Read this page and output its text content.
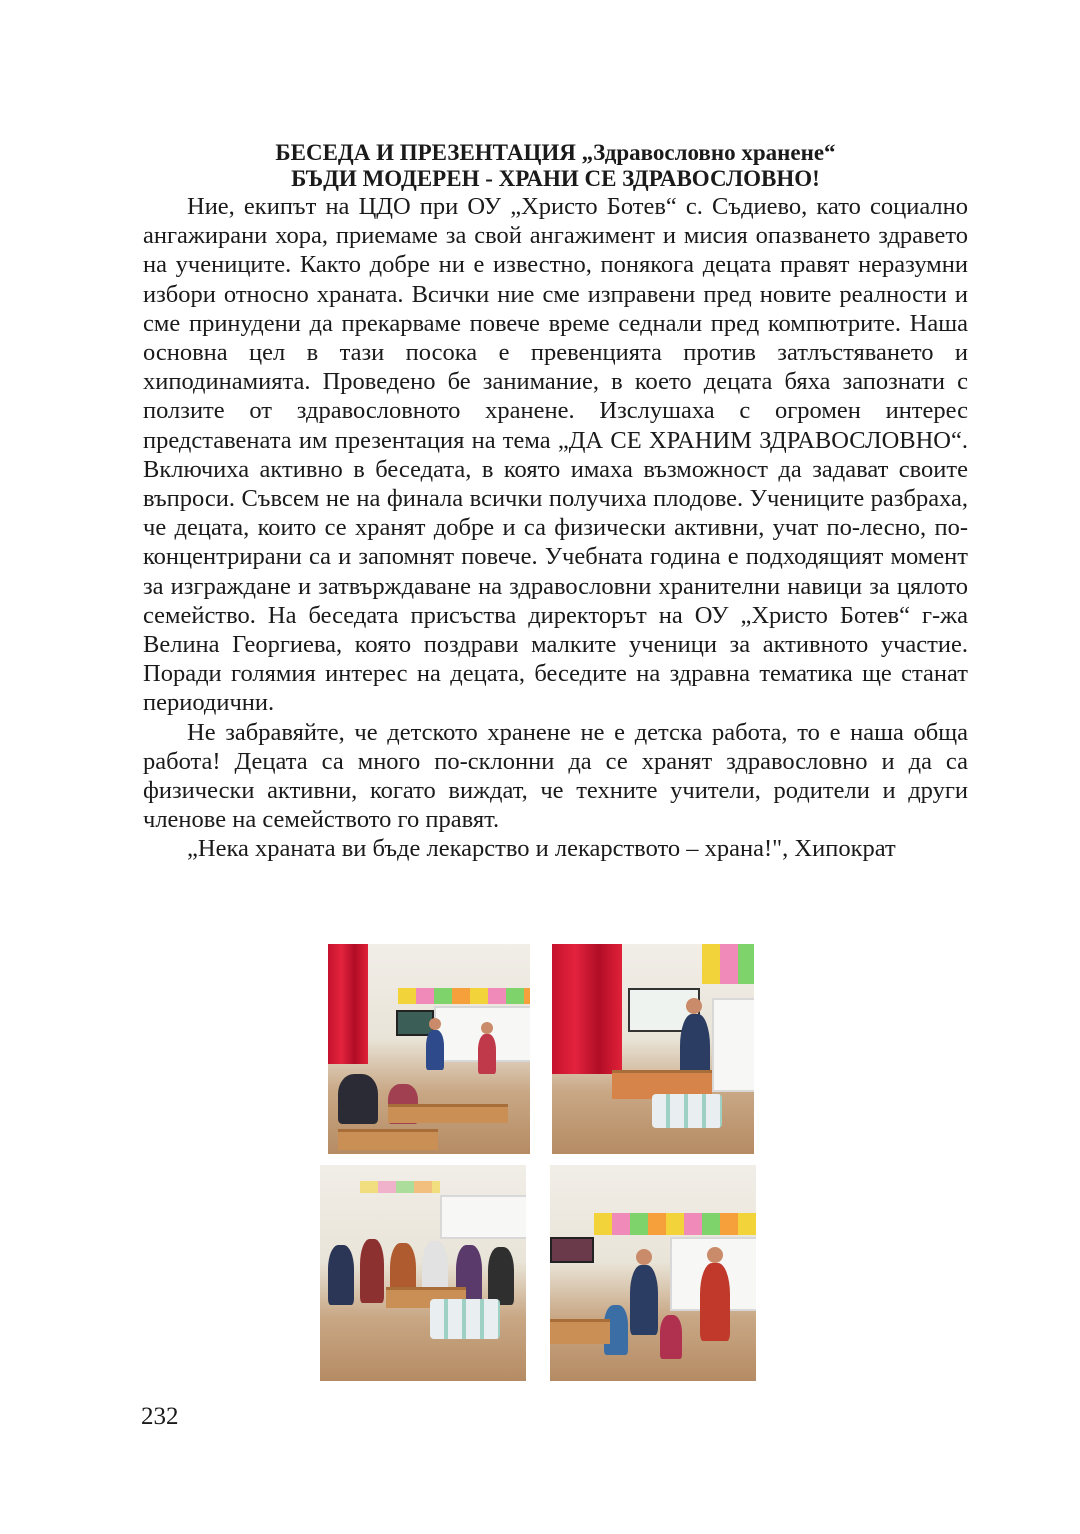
БЕСЕДА И ПРЕЗЕНТАЦИЯ „Здравословно хранене“
БЪДИ МОДЕРЕН - ХРАНИ СЕ ЗДРАВОСЛОВНО!

Ние, екипът на ЦДО при ОУ „Христо Ботев“ с. Съдиево, като социално ангажирани хора, приемаме за свой ангажимент и мисия опазването здравето на учениците. Както добре ни е известно, понякога децата правят неразумни избори относно храната. Всички ние сме изправени пред новите реалности и сме принудени да прекарваме повече време седнали пред компютрите. Наша основна цел в тази посока е превенцията против затлъстяването и хиподинамията. Проведено бе занимание, в което децата бяха запознати с ползите от здравословното хранене. Изслушаха с огромен интерес представената им презентация на тема „ДА СЕ ХРАНИМ ЗДРАВОСЛОВНО“. Включиха активно в беседата, в която имаха възможност да задават своите въпроси. Съвсем не на финала всички получиха плодове. Учениците разбраха, че децата, които се хранят добре и са физически активни, учат по-лесно, по-концентрирани са и запомнят повече. Учебната година е подходящият момент за изграждане и затвърждаване на здравословни хранителни навици за цялото семейство. На беседата присъства директорът на ОУ „Христо Ботев“ г-жа Велина Георгиева, която поздрави малките ученици за активното участие. Поради голямия интерес на децата, беседите на здравна тематика ще станат периодични.

Не забравяйте, че детското хранене не е детска работа, то е наша обща работа! Децата са много по-склонни да се хранят здравословно и да са физически активни, когато виждат, че техните учители, родители и други членове на семейството го правят.

„Нека храната ви бъде лекарство и лекарството – храна!", Хипократ

232
